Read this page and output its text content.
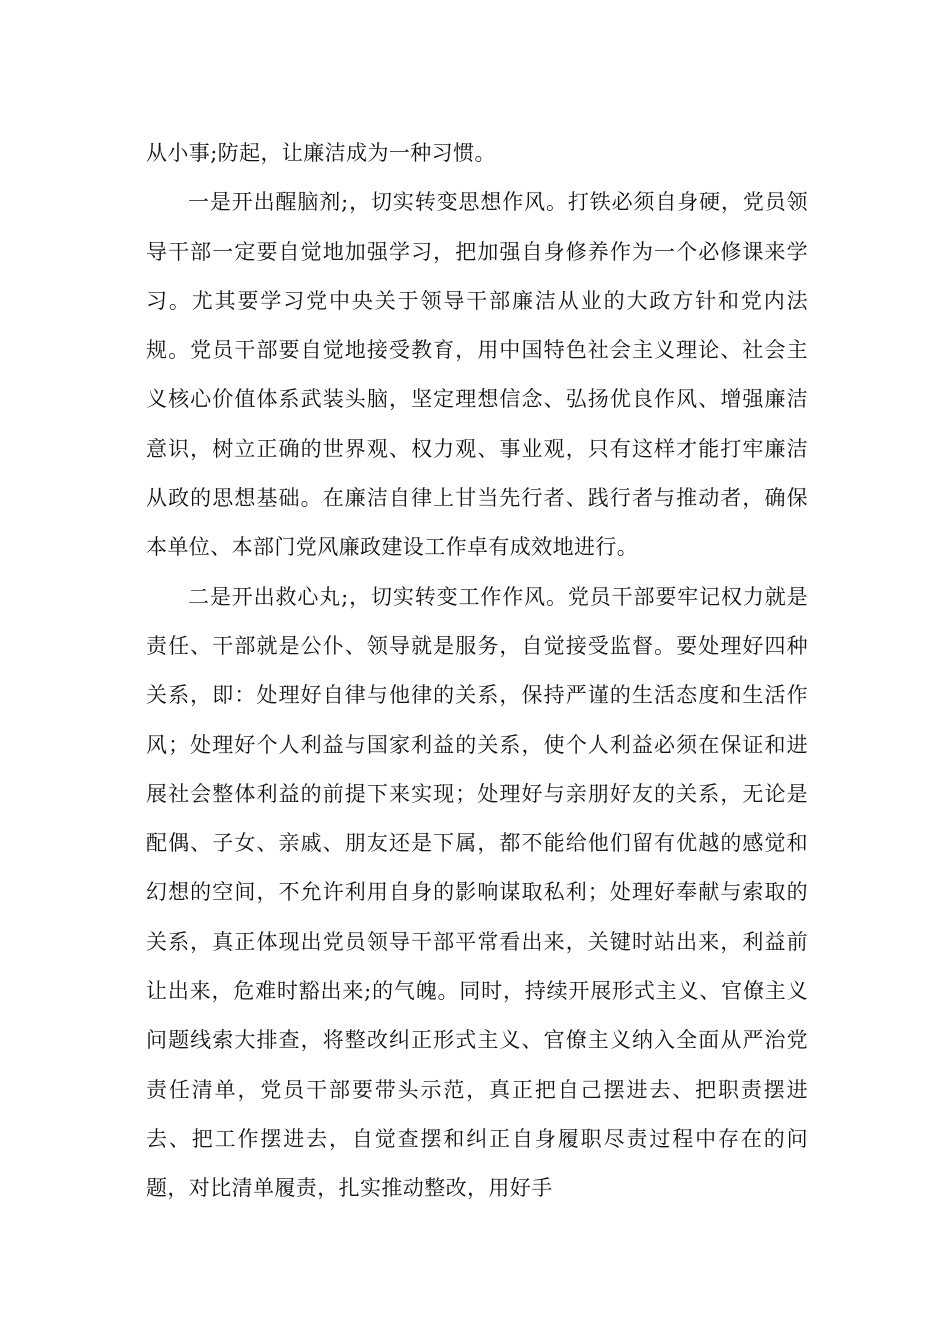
从小事;防起，让廉洁成为一种习惯。

一是开出醒脑剂;，切实转变思想作风。打铁必须自身硬，党员领导干部一定要自觉地加强学习，把加强自身修养作为一个必修课来学习。尤其要学习党中央关于领导干部廉洁从业的大政方针和党内法规。党员干部要自觉地接受教育，用中国特色社会主义理论、社会主义核心价值体系武装头脑，坚定理想信念、弘扬优良作风、增强廉洁意识，树立正确的世界观、权力观、事业观，只有这样才能打牢廉洁从政的思想基础。在廉洁自律上甘当先行者、践行者与推动者，确保本单位、本部门党风廉政建设工作卓有成效地进行。

二是开出救心丸;，切实转变工作作风。党员干部要牢记权力就是责任、干部就是公仆、领导就是服务，自觉接受监督。要处理好四种关系，即：处理好自律与他律的关系，保持严谨的生活态度和生活作风；处理好个人利益与国家利益的关系，使个人利益必须在保证和进展社会整体利益的前提下来实现；处理好与亲朋好友的关系，无论是配偶、子女、亲戚、朋友还是下属，都不能给他们留有优越的感觉和幻想的空间，不允许利用自身的影响谋取私利；处理好奉献与索取的关系，真正体现出党员领导干部平常看出来，关键时站出来，利益前让出来，危难时豁出来;的气魄。同时，持续开展形式主义、官僚主义问题线索大排查，将整改纠正形式主义、官僚主义纳入全面从严治党责任清单，党员干部要带头示范，真正把自己摆进去、把职责摆进去、把工作摆进去，自觉查摆和纠正自身履职尽责过程中存在的问题，对比清单履责，扎实推动整改，用好手
